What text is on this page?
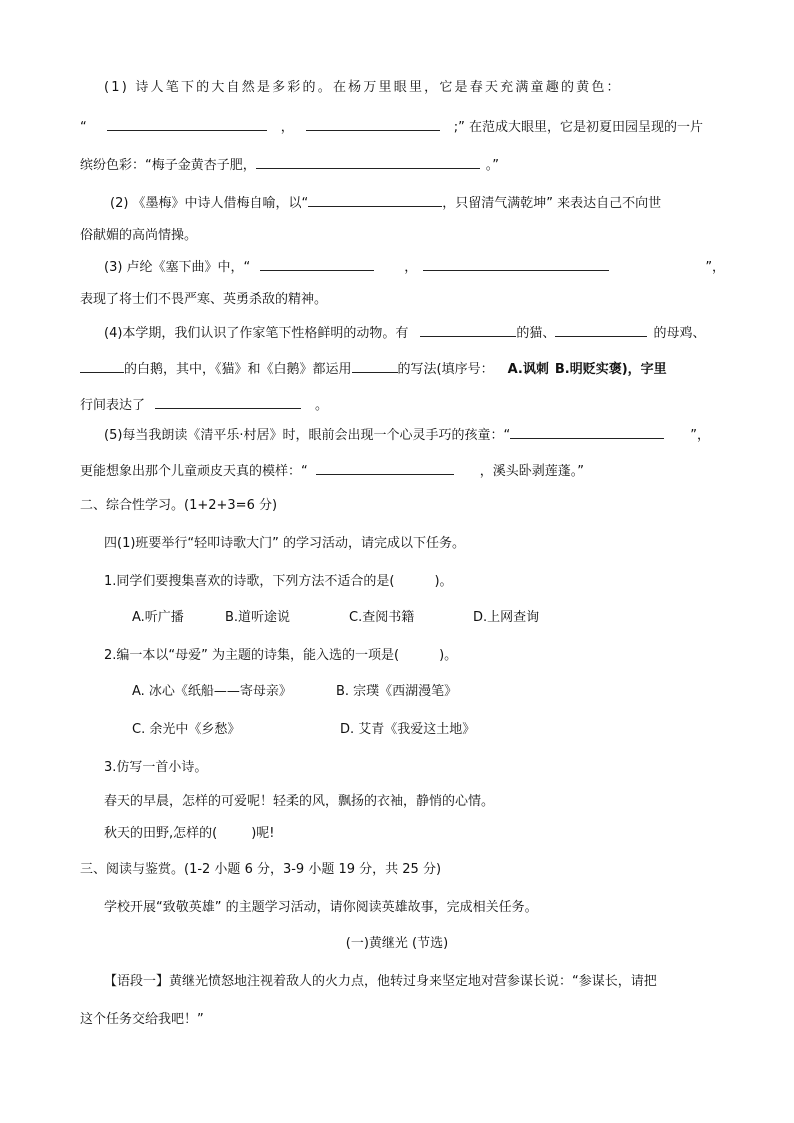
(1) 诗人笔下的大自然是多彩的。在杨万里眼里，它是春天充满童趣的黄色：
“	，	;” 在范成大眼里，它是初夏田园呈现的一片
缤纷色彩：“梅子金黄杏子肥，	。”
(2) 《墨梅》中诗人借梅自喻，以“	，只留清气满乾坤” 来表达自己不向世
俗献媚的高尚情操。
(3) 卢纶《塞下曲》中，“	，	”，
表现了将士们不畏严寒、英勇杀敌的精神。
(4)本学期，我们认识了作家笔下性格鲜明的动物。有	的猫、	的母鸡、
的白鹅，其中，《猫》和《白鹅》都运用	的写法(填序号： A.讽刺 B.明贬实褒)，字里
行间表达了	。
(5)每当我朗读《清平乐·村居》时，眼前会出现一个心灵手巧的孩童：“	”，
更能想象出那个儿童顽皮天真的模样：“	，溪头卧剥莲蓬。”
二、综合性学习。(1+2+3=6 分)
四(1)班要举行“轻叩诗歌大门” 的学习活动，请完成以下任务。
1.同学们要搜集喜欢的诗歌，下列方法不适合的是(	)。
A.听广播	B.道听途说	C.查阅书籍	D.上网查询
2.编一本以“母爱” 为主题的诗集，能入选的一项是(	)。
A. 冰心《纸船——寄母亲》	B. 宗璞《西湖漫笔》
C. 余光中《乡愁》	D. 艾青《我爱这土地》
3.仿写一首小诗。
春天的早晨，怎样的可爱呢！轻柔的风，飘扬的衣袖，静悄的心情。
秋天的田野,怎样的(	)呢!
三、阅读与鉴赏。(1-2 小题 6 分，3-9 小题 19 分，共 25 分)
学校开展“致敬英雄” 的主题学习活动，请你阅读英雄故事，完成相关任务。
(一)黄继光 (节选)
【语段一】黄继光愤怒地注视着敌人的火力点，他转过身来坚定地对营参谋长说：“参谋长，请把
这个任务交给我吧！”
